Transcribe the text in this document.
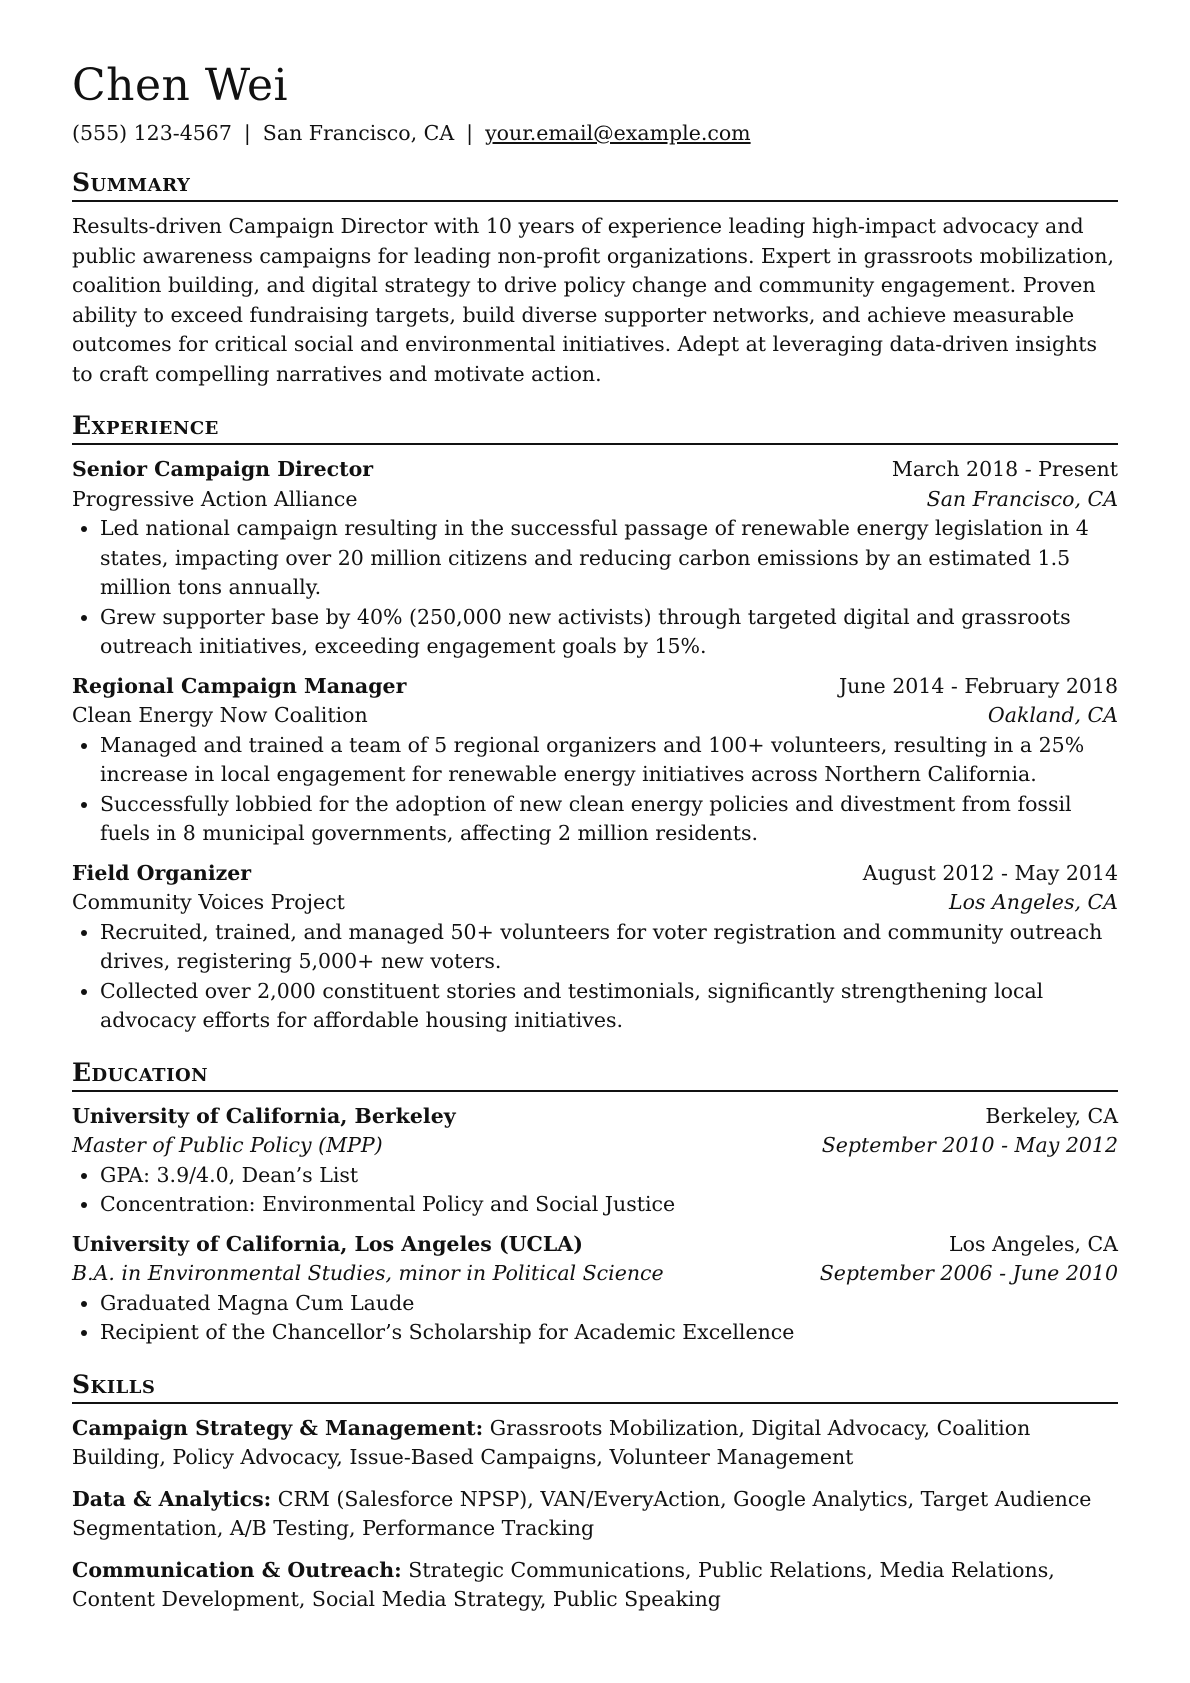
Chen Wei
(555) 123-4567 | San Francisco, CA | your.email@example.com
Summary

Results-driven Campaign Director with 10 years of experience leading high-impact advocacy and public awareness campaigns for leading non-profit organizations. Expert in grassroots mobilization, coalition building, and digital strategy to drive policy change and community engagement. Proven ability to exceed fundraising targets, build diverse supporter networks, and achieve measurable outcomes for critical social and environmental initiatives. Adept at leveraging data-driven insights to craft compelling narratives and motivate action.

Experience
Senior Campaign Director	March 2018 - Present
Progressive Action Alliance	San Francisco, CA
• Led national campaign resulting in the successful passage of renewable energy legislation in 4 states, impacting over 20 million citizens and reducing carbon emissions by an estimated 1.5 million tons annually.
• Grew supporter base by 40% (250,000 new activists) through targeted digital and grassroots outreach initiatives, exceeding engagement goals by 15%.
Regional Campaign Manager	June 2014 - February 2018
Clean Energy Now Coalition	Oakland, CA
• Managed and trained a team of 5 regional organizers and 100+ volunteers, resulting in a 25% increase in local engagement for renewable energy initiatives across Northern California.
• Successfully lobbied for the adoption of new clean energy policies and divestment from fossil fuels in 8 municipal governments, affecting 2 million residents.
Field Organizer	August 2012 - May 2014
Community Voices Project	Los Angeles, CA
• Recruited, trained, and managed 50+ volunteers for voter registration and community outreach drives, registering 5,000+ new voters.
• Collected over 2,000 constituent stories and testimonials, significantly strengthening local advocacy efforts for affordable housing initiatives.
Education
University of California, Berkeley	Berkeley, CA
Master of Public Policy (MPP)	September 2010 - May 2012
• GPA: 3.9/4.0, Dean’s List
• Concentration: Environmental Policy and Social Justice
University of California, Los Angeles (UCLA)	Los Angeles, CA
B.A. in Environmental Studies, minor in Political Science	September 2006 - June 2010
• Graduated Magna Cum Laude
• Recipient of the Chancellor’s Scholarship for Academic Excellence
Skills
Campaign Strategy & Management: Grassroots Mobilization, Digital Advocacy, Coalition Building, Policy Advocacy, Issue-Based Campaigns, Volunteer Management
Data & Analytics: CRM (Salesforce NPSP), VAN/EveryAction, Google Analytics, Target Audience Segmentation, A/B Testing, Performance Tracking
Communication & Outreach: Strategic Communications, Public Relations, Media Relations, Content Development, Social Media Strategy, Public Speaking
